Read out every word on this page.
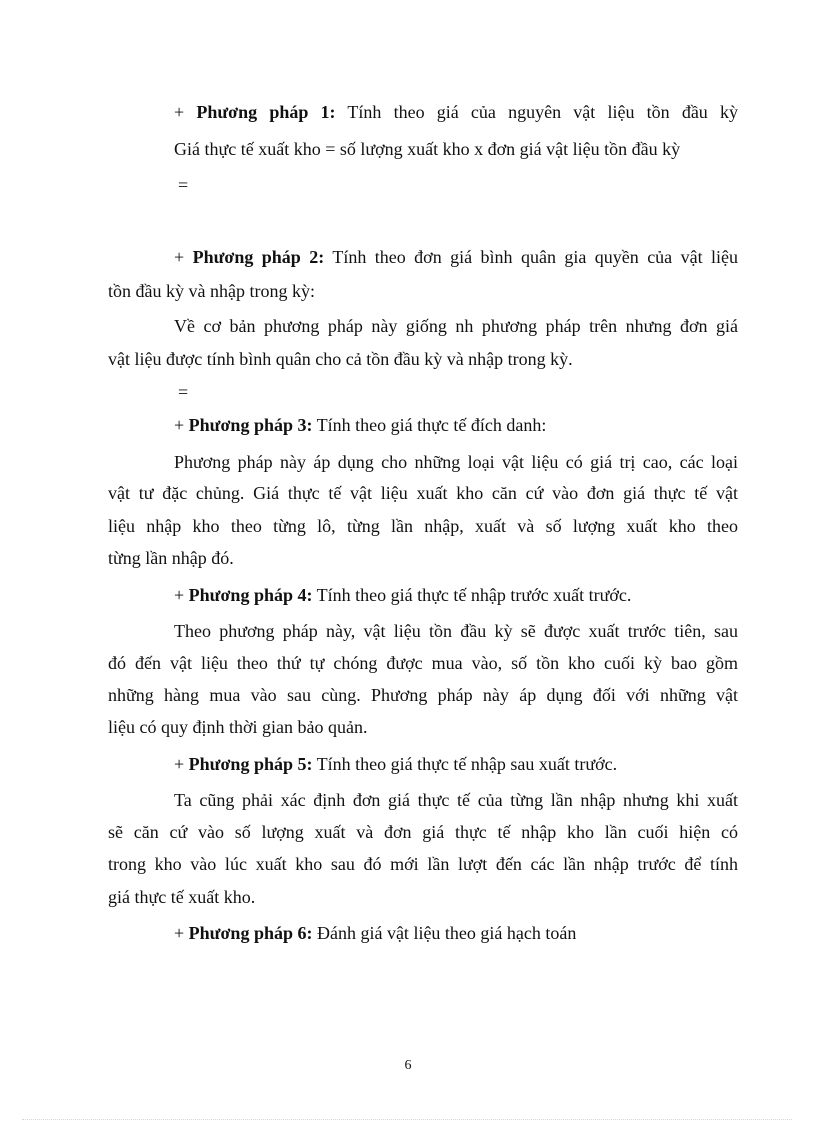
+ Phương pháp 1: Tính theo giá của nguyên vật liệu tồn đầu kỳ
Giá thực tế xuất kho = số lượng xuất kho x đơn giá vật liệu tồn đầu kỳ
=
+ Phương pháp 2: Tính theo đơn giá bình quân gia quyền của vật liệu
tồn đầu kỳ và nhập trong kỳ:
Về cơ bản phương pháp này giống nh phương pháp trên nhưng đơn giá
vật liệu được tính bình quân cho cả tồn đầu kỳ và nhập trong kỳ.
=
+ Phương pháp 3: Tính theo giá thực tế đích danh:
Phương pháp này áp dụng cho những loại vật liệu có giá trị cao, các loại
vật tư đặc chủng. Giá thực tế vật liệu xuất kho căn cứ vào đơn giá thực tế vật
liệu nhập kho theo từng lô, từng lần nhập, xuất và số lượng xuất kho theo
từng lần nhập đó.
+ Phương pháp 4: Tính theo giá thực tế nhập trước xuất trước.
Theo phương pháp này, vật liệu tồn đầu kỳ sẽ được xuất trước tiên, sau
đó đến vật liệu theo thứ tự chóng được mua vào, số tồn kho cuối kỳ bao gồm
những hàng mua vào sau cùng. Phương pháp này áp dụng đối với những vật
liệu có quy định thời gian bảo quản.
+ Phương pháp 5: Tính theo giá thực tế nhập sau xuất trước.
Ta cũng phải xác định đơn giá thực tế của từng lần nhập nhưng khi xuất
sẽ căn cứ vào số lượng xuất và đơn giá thực tế nhập kho lần cuối hiện có
trong kho vào lúc xuất kho sau đó mới lần lượt đến các lần nhập trước để tính
giá thực tế xuất kho.
+ Phương pháp 6: Đánh giá vật liệu theo giá hạch toán
6
